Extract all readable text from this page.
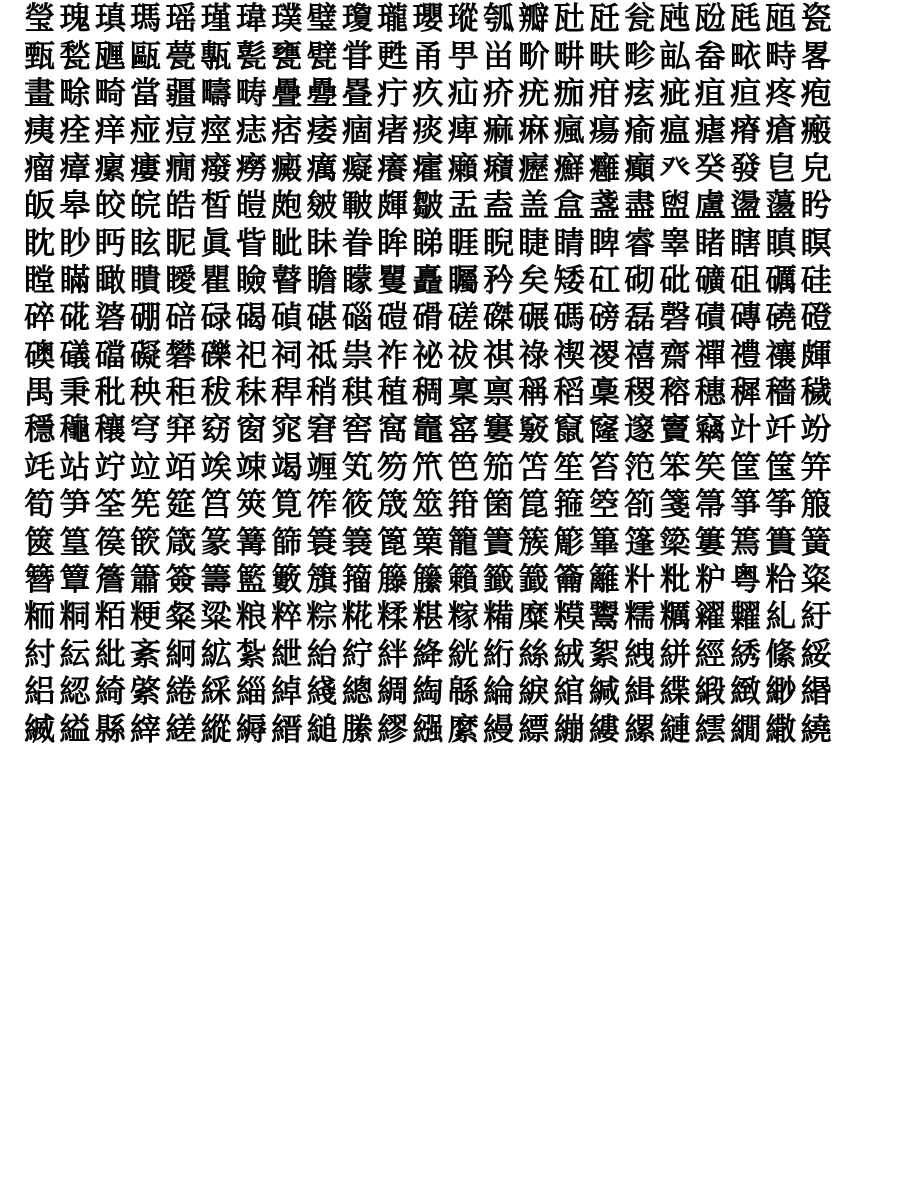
瑩 瑰 瑱 瑪 瑶 瑾 瑋 璞 璧 瓊 瓏 瓔 瑽 瓠 瓣 瓧 瓩 瓮 瓲 瓰 瓱 瓸 瓷
甄 甃 甅 甌 甍 甎 甏 甕 甓 甞 甦 甬 甼 畄 畍 畊 畉 畛 畆 畚 畩 畤 畧
畫 畭 畸 當 疆 疇 畴 疊 疉 疂 疔 疚 疝 疥 疣 痂 疳 痃 疵 疽 疸 疼 疱
痍 痊 痒 痖 痘 痙 痣 痞 痿 痼 瘏 痰 痺 痲 痳 瘋 瘍 瘉 瘟 瘧 瘠 瘡 瘢
瘤 瘴 瘰 瘻 癇 癈 癆 癜 癘 癡 癢 癨 癩 癪 癧 癬 癰 癲 癶 癸 發 皀 皃
皈 皋 皎 皖 皓 皙 皚 皰 皴 皸 皹 皺 盂 盍 盖 盒 盞 盡 盥 盧 盪 蘯 盻
眈 眇 眄 眩 眤 眞 眥 眦 眛 眷 眸 睇 睚 睨 睫 睛 睥 睿 睾 睹 瞎 瞋 瞑
瞠 瞞 瞰 瞶 瞹 瞿 瞼 瞽 瞻 矇 矍 矗 矚 矜 矣 矮 矼 砌 砒 礦 砠 礪 硅
碎 硴 碆 硼 碚 碌 碣 碵 碪 碯 磑 磆 磋 磔 碾 碼 磅 磊 磬 磧 磚 磽 磴
礇 礒 礑 礙 礬 礫 祀 祠 祗 祟 祚 祕 祓 祺 祿 禊 禝 禧 齋 禪 禮 禳 皹
禺 秉 秕 秧 秬 秡 秣 稈 稍 稘 稙 稠 稟 禀 稱 稻 稾 稷 穃 穗 穉 穡 穢
穩 龝 穰 穹 穽 窈 窗 窕 窘 窖 窩 竈 窰 窶 竅 竄 窿 邃 竇 竊 竍 竏 竕
竓 站 竚 竝 竡 竢 竦 竭 竰 笂 笏 笊 笆 笳 笘 笙 笞 笵 笨 笶 筐 筺 笄
筍 笋 筌 筅 筵 筥 筴 筧 筰 筱 筬 筮 箝 箘 箟 箍 箜 箚 箋 箒 箏 筝 箙
篋 篁 篌 篏 箴 篆 篝 篩 簑 簔 篦 篥 籠 簀 簇 簓 篳 篷 簗 簍 篶 簣 簧
簪 簟 簷 簫 簽 籌 籃 籔 籏 籀 籐 籘 籟 籤 籖 籥 籬 籵 粃 粐 粤 粭 粢
粫 粡 粨 粳 粲 粱 粮 粹 粽 糀 糅 糂 糘 糒 糜 糢 鬻 糯 糲 糴 糶 糺 紆
紂 紜 紕 紊 絅 絋 紮 紲 紿 紵 絆 絳 絖 絎 絲 絨 絮 絏 絣 經 綉 絛 綏
絽 綛 綺 綮 綣 綵 緇 綽 綫 總 綢 綯 緜 綸 綟 綰 緘 緝 緤 緞 緻 緲 緡
縅 縊 縣 縡 縒 縱 縟 縉 縋 縢 繆 繦 縻 縵 縹 繃 縷 縲 縺 繧 繝 繖 繞
